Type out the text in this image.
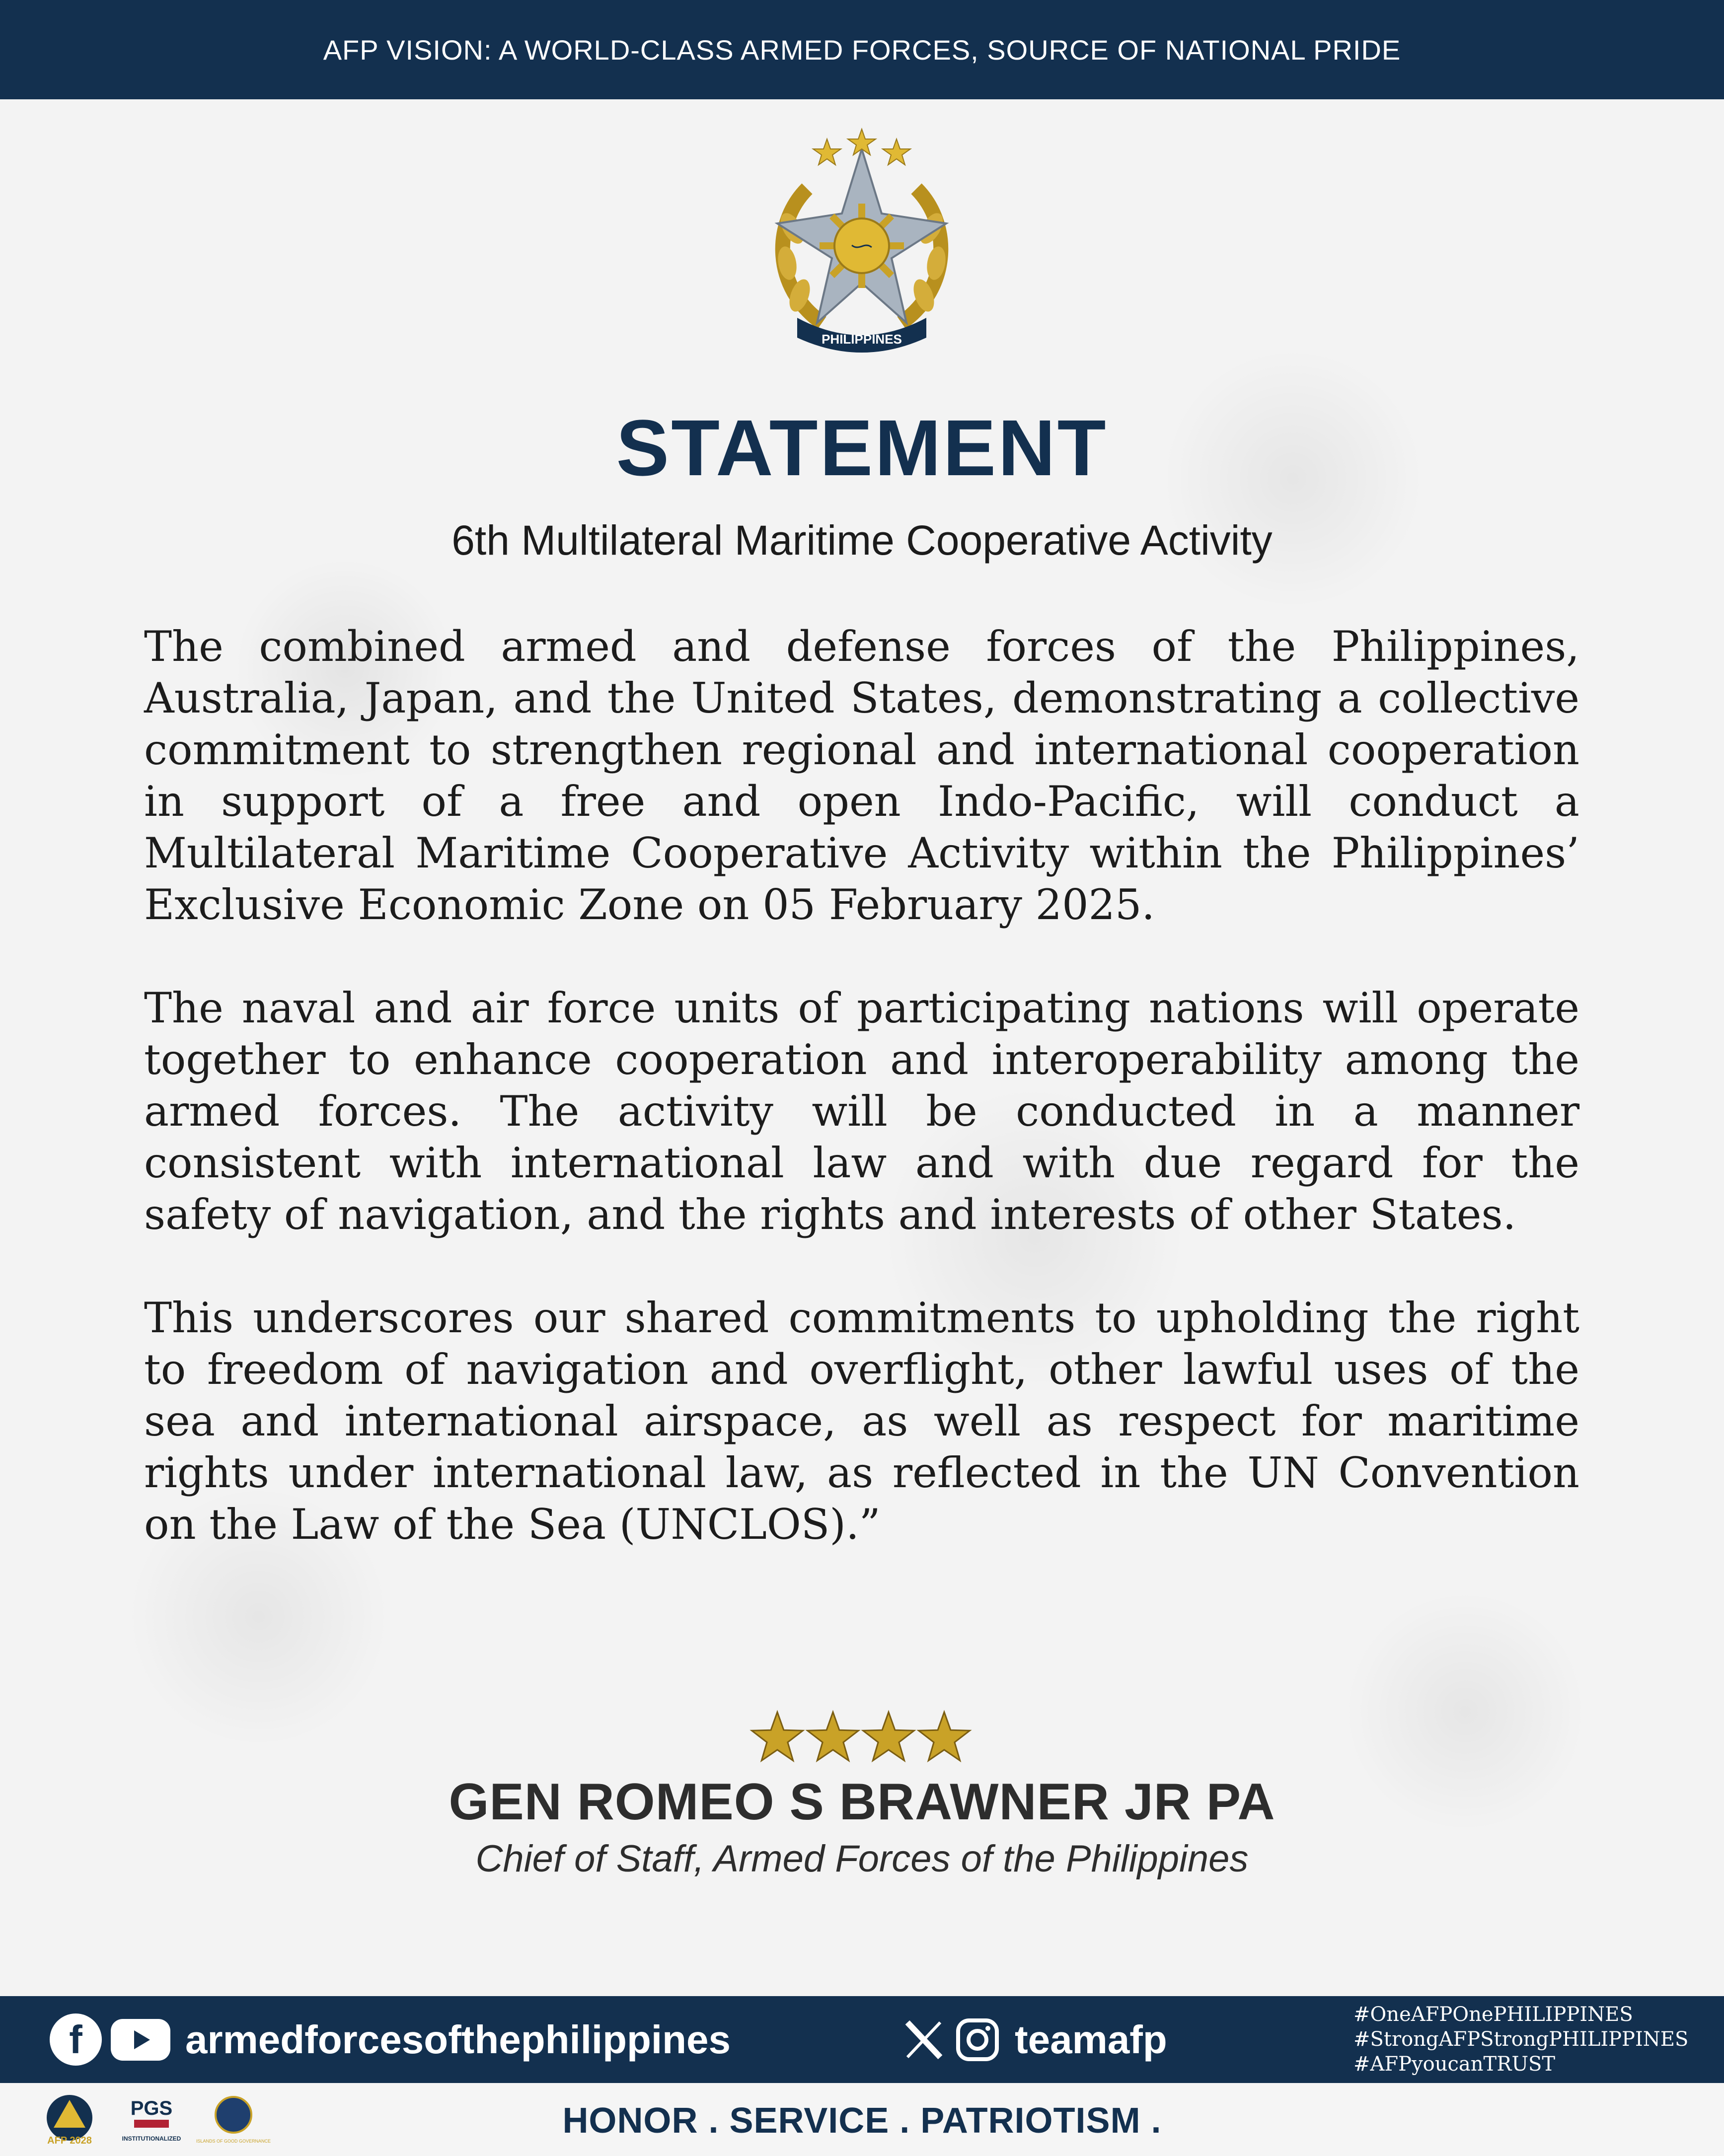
AFP VISION: A WORLD-CLASS ARMED FORCES, SOURCE OF NATIONAL PRIDE
ᜑ
PHILIPPINES
STATEMENT
6th Multilateral Maritime Cooperative Activity

The combined armed and defense forces of the Philippines, Australia, Japan, and the United States, demonstrating a collective commitment to strengthen regional and international cooperation in support of a free and open Indo-Pacific, will conduct a Multilateral Maritime Cooperative Activity within the Philippines’ Exclusive Economic Zone on 05 February 2025.

The naval and air force units of participating nations will operate together to enhance cooperation and interoperability among the armed forces. The activity will be conducted in a manner consistent with international law and with due regard for the safety of navigation, and the rights and interests of other States.

This underscores our shared commitments to upholding the right to freedom of navigation and overflight, other lawful uses of the sea and international airspace, as well as respect for maritime rights under international law, as reflected in the UN Convention on the Law of the Sea (UNCLOS).”

GEN ROMEO S BRAWNER JR PA
Chief of Staff, Armed Forces of the Philippines
f	armedforcesofthephilippines	teamafp
#OneAFPOnePHILIPPINES
#StrongAFPStrongPHILIPPINES
#AFPyoucanTRUST
AFP 2028
PGS
INSTITUTIONALIZED	ISLANDS OF GOOD GOVERNANCE
HONOR . SERVICE . PATRIOTISM .
